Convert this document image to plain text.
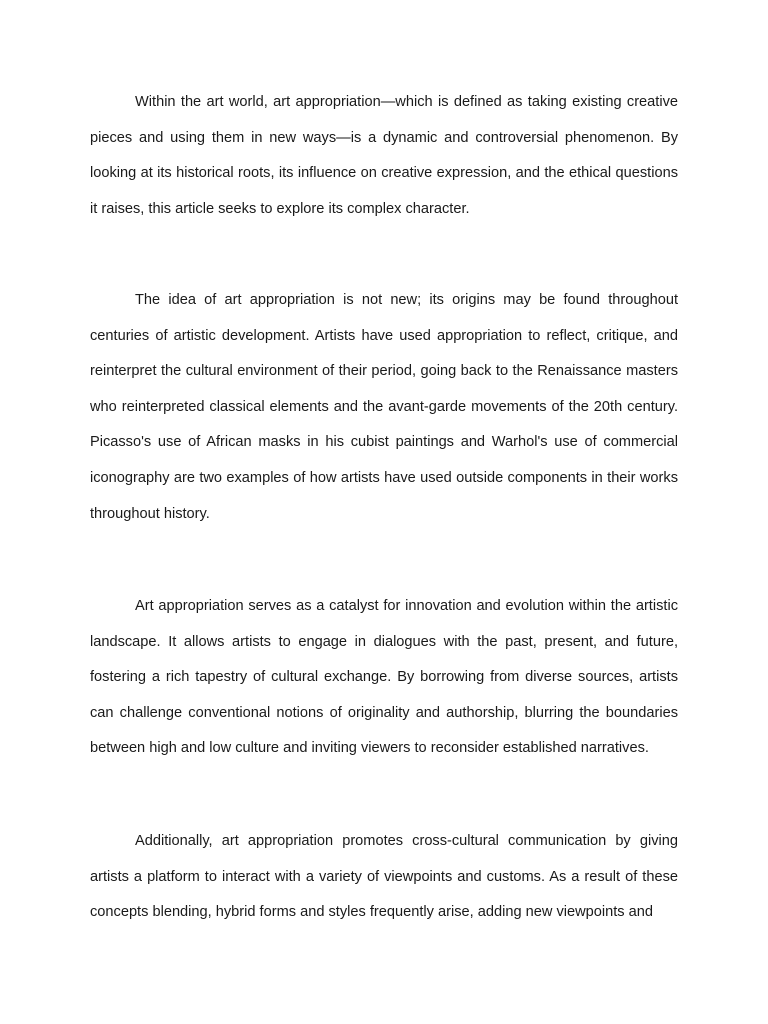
Within the art world, art appropriation—which is defined as taking existing creative pieces and using them in new ways—is a dynamic and controversial phenomenon. By looking at its historical roots, its influence on creative expression, and the ethical questions it raises, this article seeks to explore its complex character.

The idea of art appropriation is not new; its origins may be found throughout centuries of artistic development. Artists have used appropriation to reflect, critique, and reinterpret the cultural environment of their period, going back to the Renaissance masters who reinterpreted classical elements and the avant-garde movements of the 20th century. Picasso's use of African masks in his cubist paintings and Warhol's use of commercial iconography are two examples of how artists have used outside components in their works throughout history.

Art appropriation serves as a catalyst for innovation and evolution within the artistic landscape. It allows artists to engage in dialogues with the past, present, and future, fostering a rich tapestry of cultural exchange. By borrowing from diverse sources, artists can challenge conventional notions of originality and authorship, blurring the boundaries between high and low culture and inviting viewers to reconsider established narratives.

Additionally, art appropriation promotes cross-cultural communication by giving artists a platform to interact with a variety of viewpoints and customs. As a result of these concepts blending, hybrid forms and styles frequently arise, adding new viewpoints and
